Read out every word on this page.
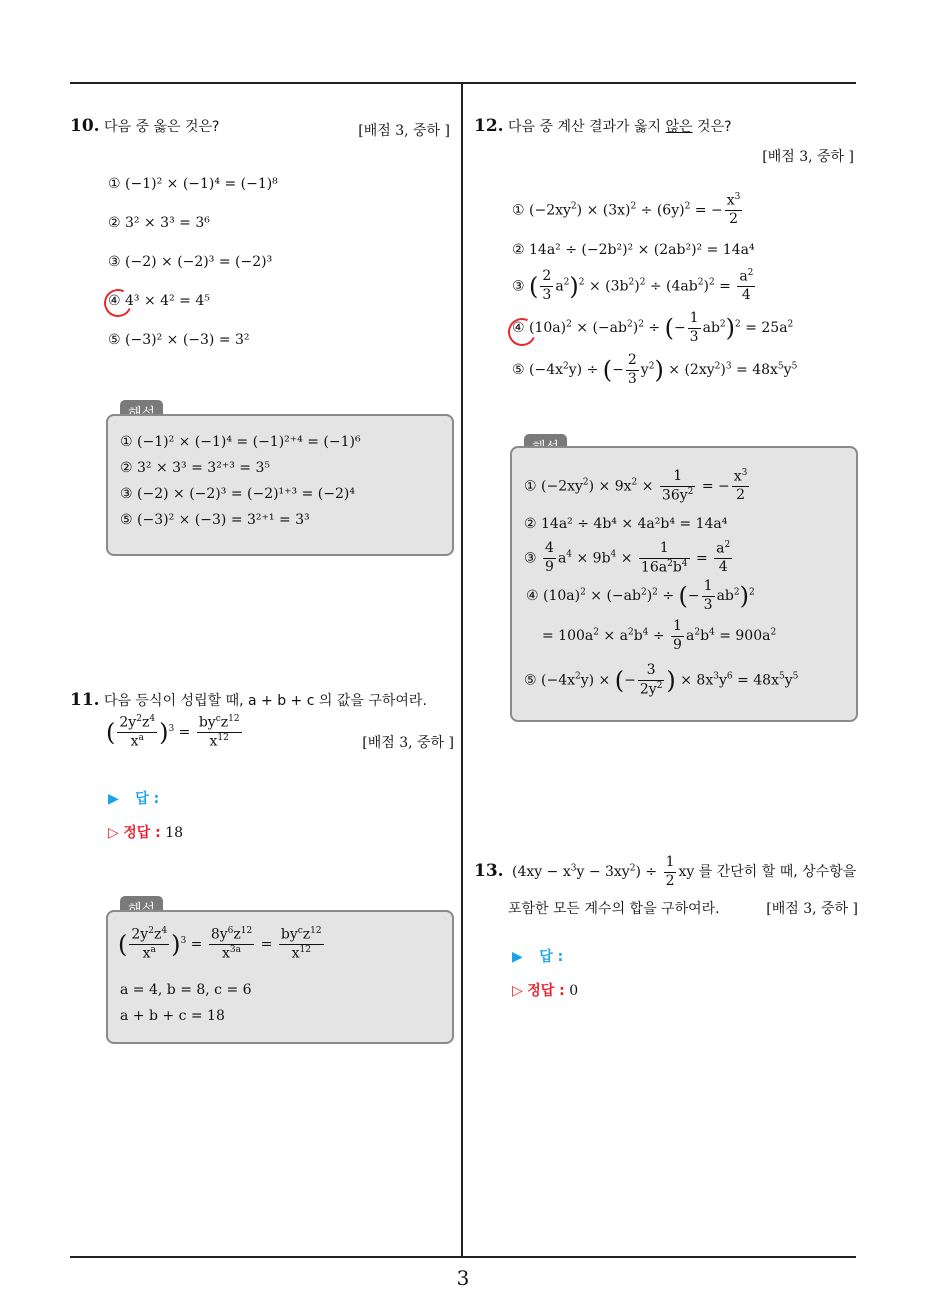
3
10. 다음 중 옳은 것은?	[배점 3, 중하 ]
① (−1)² × (−1)⁴ = (−1)⁸
② 3² × 3³ = 3⁶
③ (−2) × (−2)³ = (−2)³
④ 4³ × 4² = 4⁵
⑤ (−3)² × (−3) = 3²
① (−1)² × (−1)⁴ = (−1)²⁺⁴ = (−1)⁶
② 3² × 3³ = 3²⁺³ = 3⁵
③ (−2) × (−2)³ = (−2)¹⁺³ = (−2)⁴
⑤ (−3)² × (−3) = 3²⁺¹ = 3³
11. 다음 등식이 성립할 때, a + b + c 의 값을 구하여라.
( $\frac{2y^2z^4}{x^a} )^3 = \frac{by^cz^{12}}{x^{12}}$	[배점 3, 중하 ]
▶ 답 :
▷ 정답 : 18
( $\frac{2y^2z^4}{x^a} )^3 = \frac{8y^6z^{12}}{x^{3a}} = \frac{by^cz^{12}}{x^{12}}$
a = 4, b = 8, c = 6
a + b + c = 18
12. 다음 중 계산 결과가 옳지 않은 것은?
[배점 3, 중하 ]
① $(-2xy^2) \times (3x)^2 \div (6y)^2$ = − $\frac{x^3}{2}$
② 14a² ÷ (−2b²)² × (2ab²)² = 14a⁴
③ ( $\frac{2}{3} a^2)^2 \times (3b^2)^2 \div (4ab^2)^2 = \frac{a^2}{4}$
④ $(10a)^2 \times (-ab^2)^2$ ÷ (− $\frac{1}{3} ab^2)^2 = 25a^2$
⑤ $(-4x^2y)$ ÷ (− $\frac{2}{3} y^2) \times (2xy^2)^3 = 48x^5y^5$
① $(-2xy^2) \times 9x^2 \times \frac{1}{36y^2}$ = − $\frac{x^3}{2}$
② 14a² ÷ 4b⁴ × 4a²b⁴ = 14a⁴
③ $\frac{4}{9} a^4 \times 9b^4 \times \frac{1}{16a^2b^4} = \frac{a^2}{4}$
④ $(10a)^2 \times (-ab^2)^2$ ÷ (− $\frac{1}{3} ab^2)^2$
= $100a^2 \times a^2b^4 \div \frac{1}{9} a^2b^4 = 900a^2$
⑤ $(-4x^2y)$ × (− $\frac{3}{2y^2}$ ) × $8x^3y^6 = 48x^5y^5$
13. $(4xy - x^3y - 3xy^2) \div \frac{1}{2}$ xy 를 간단히 할 때, 상수항을
포함한 모든 계수의 합을 구하여라.	[배점 3, 중하 ]
▶ 답 :
▷ 정답 : 0
